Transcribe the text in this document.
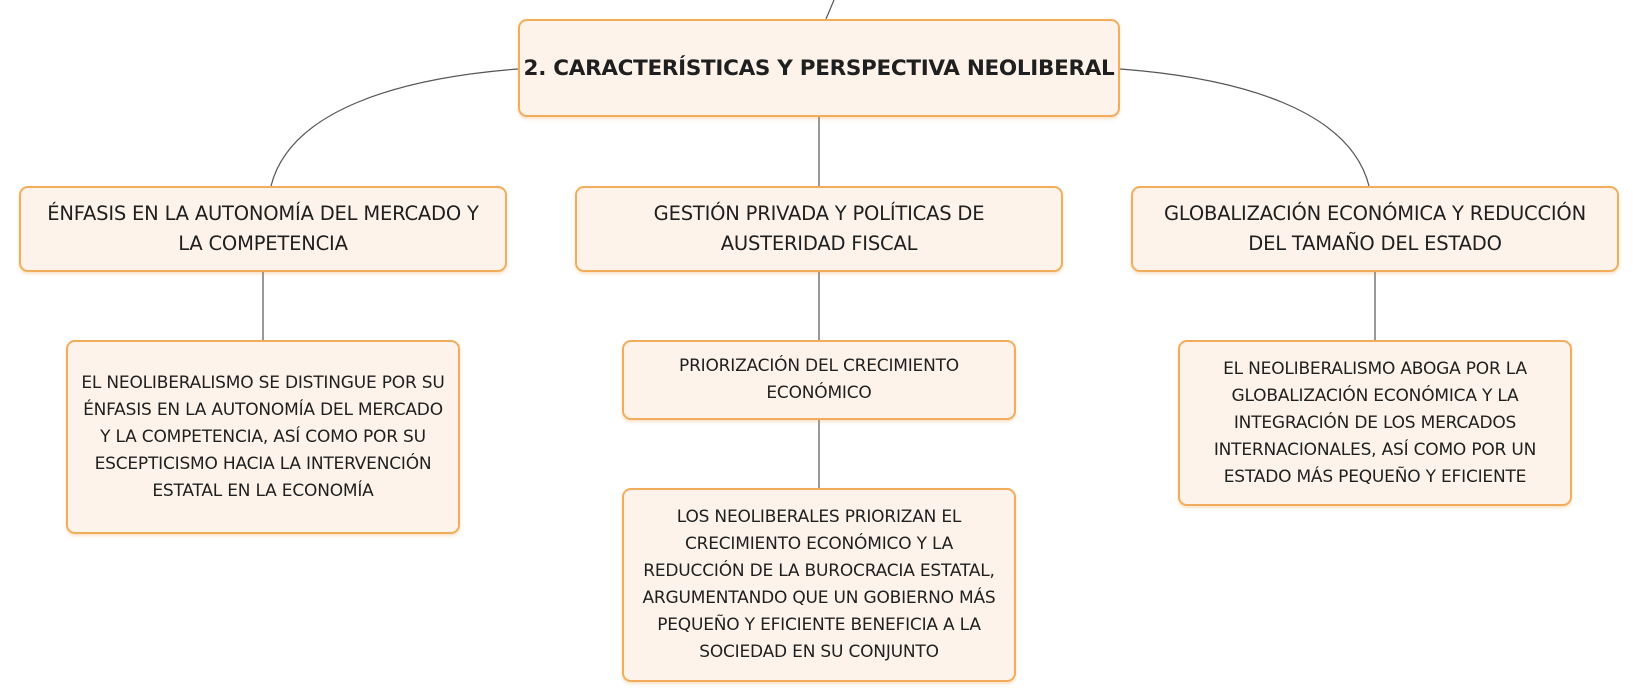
2. CARACTERÍSTICAS Y PERSPECTIVA NEOLIBERAL
ÉNFASIS EN LA AUTONOMÍA DEL MERCADO Y LA COMPETENCIA
GESTIÓN PRIVADA Y POLÍTICAS DE AUSTERIDAD FISCAL
GLOBALIZACIÓN ECONÓMICA Y REDUCCIÓN DEL TAMAÑO DEL ESTADO
EL NEOLIBERALISMO SE DISTINGUE POR SU ÉNFASIS EN LA AUTONOMÍA DEL MERCADO Y LA COMPETENCIA, ASÍ COMO POR SU ESCEPTICISMO HACIA LA INTERVENCIÓN ESTATAL EN LA ECONOMÍA
PRIORIZACIÓN DEL CRECIMIENTO ECONÓMICO
LOS NEOLIBERALES PRIORIZAN EL CRECIMIENTO ECONÓMICO Y LA REDUCCIÓN DE LA BUROCRACIA ESTATAL, ARGUMENTANDO QUE UN GOBIERNO MÁS PEQUEÑO Y EFICIENTE BENEFICIA A LA SOCIEDAD EN SU CONJUNTO
EL NEOLIBERALISMO ABOGA POR LA GLOBALIZACIÓN ECONÓMICA Y LA INTEGRACIÓN DE LOS MERCADOS INTERNACIONALES, ASÍ COMO POR UN ESTADO MÁS PEQUEÑO Y EFICIENTE
